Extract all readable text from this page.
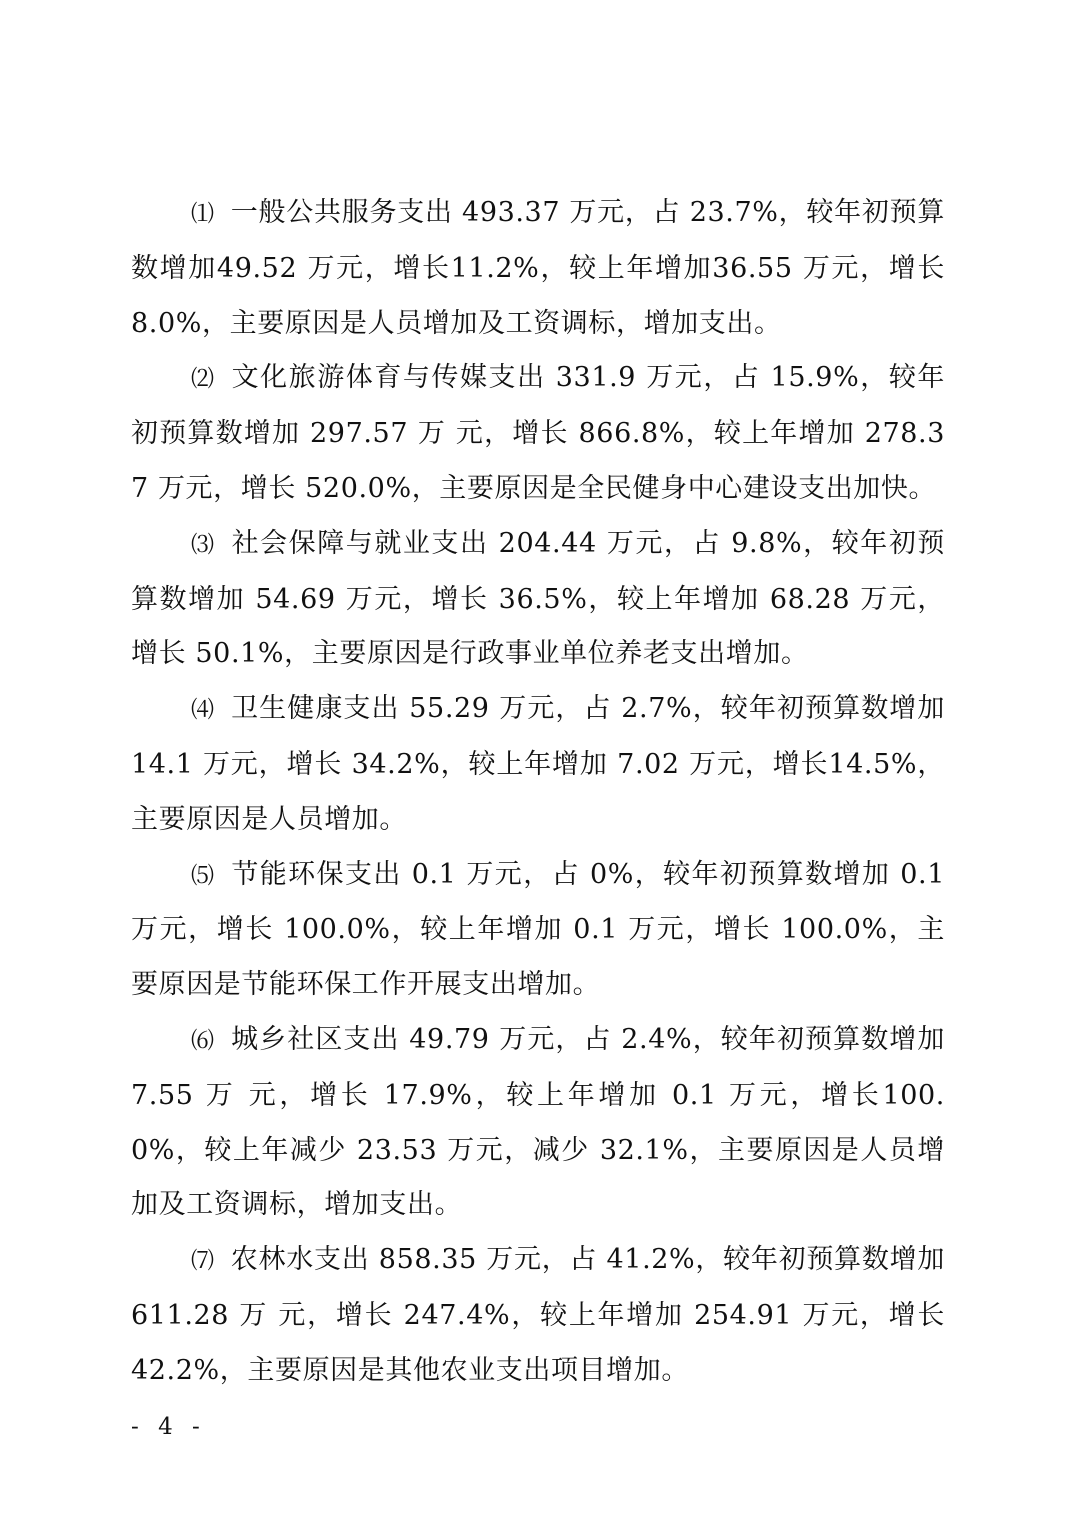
⑴ 一般公共服务支出 493.37 万元，占 23.7%，较年初预算数增加49.52 万元，增长11.2%，较上年增加36.55 万元，增长8.0%，主要原因是人员增加及工资调标，增加支出。

⑵ 文化旅游体育与传媒支出 331.9 万元，占 15.9%，较年初预算数增加 297.57 万 元，增长 866.8%，较上年增加 278.37 万元，增长 520.0%，主要原因是全民健身中心建设支出加快。

⑶ 社会保障与就业支出 204.44 万元，占 9.8%，较年初预算数增加 54.69 万元，增长 36.5%，较上年增加 68.28 万元，增长 50.1%，主要原因是行政事业单位养老支出增加。

⑷ 卫生健康支出 55.29 万元，占 2.7%，较年初预算数增加 14.1 万元，增长 34.2%，较上年增加 7.02 万元，增长14.5%，主要原因是人员增加。

⑸ 节能环保支出 0.1 万元，占 0%，较年初预算数增加 0.1 万元，增长 100.0%，较上年增加 0.1 万元，增长 100.0%，主要原因是节能环保工作开展支出增加。

⑹ 城乡社区支出 49.79 万元，占 2.4%，较年初预算数增加 7.55 万 元，增长 17.9%，较上年增加 0.1 万元，增长100.0%，较上年减少 23.53 万元，减少 32.1%，主要原因是人员增加及工资调标，增加支出。

⑺ 农林水支出 858.35 万元，占 41.2%，较年初预算数增加611.28 万 元，增长 247.4%，较上年增加 254.91 万元，增长 42.2%，主要原因是其他农业支出项目增加。

- 4 -
